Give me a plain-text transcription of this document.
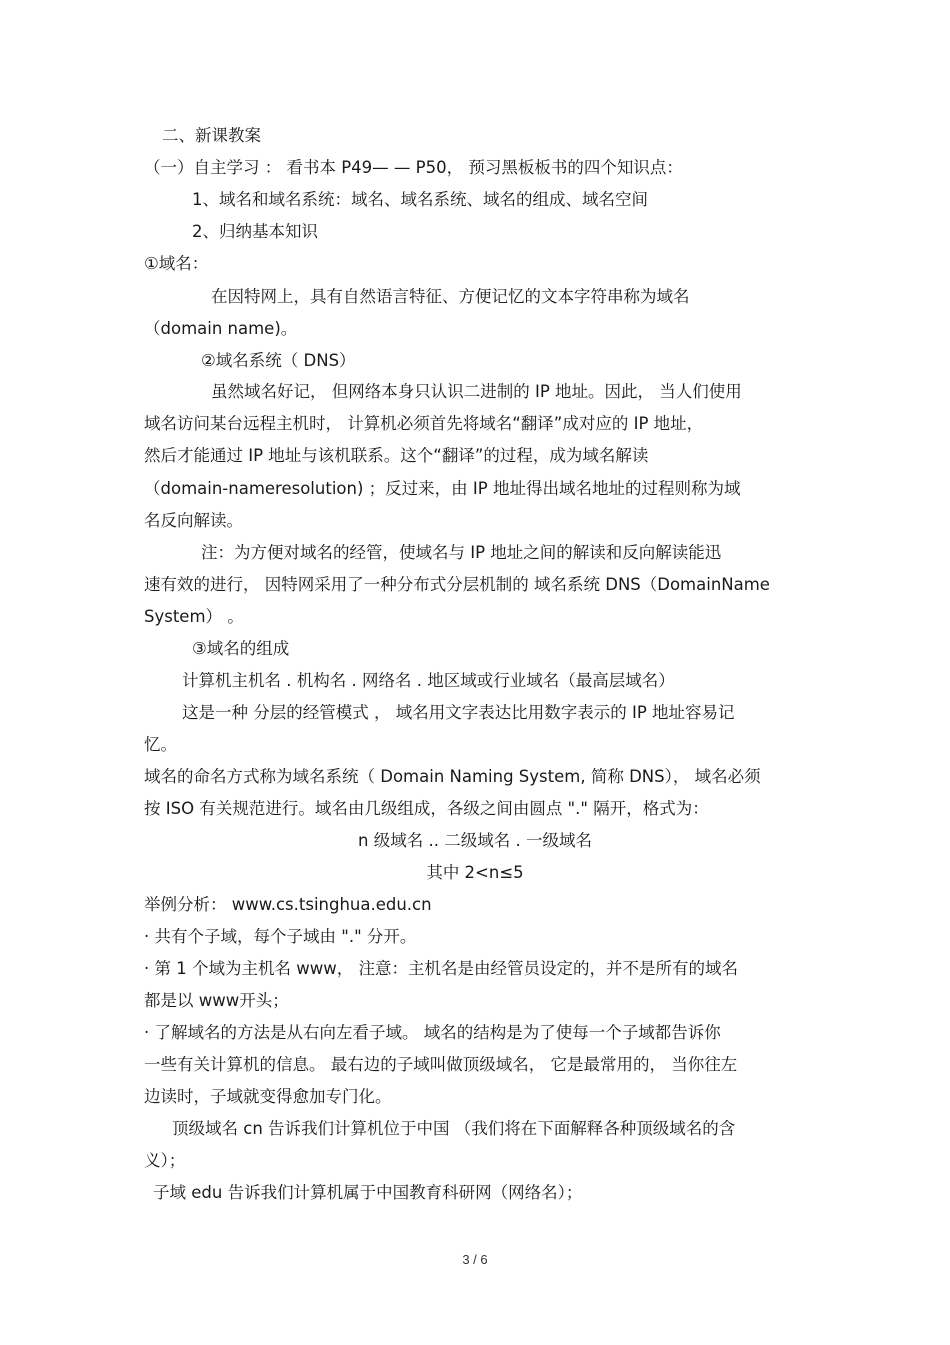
二、新课教案
（一）自主学习 ： 看书本 P49— — P50， 预习黑板板书的四个知识点：
1、域名和域名系统：域名、域名系统、域名的组成、域名空间
2、归纳基本知识
①域名：
在因特网上，具有自然语言特征、方便记忆的文本字符串称为域名
（domain name)。
②域名系统（ DNS）
虽然域名好记， 但网络本身只认识二进制的 IP 地址。因此， 当人们使用
域名访问某台远程主机时， 计算机必须首先将域名“翻译”成对应的 IP 地址，
然后才能通过 IP 地址与该机联系。这个“翻译”的过程，成为域名解读
（domain-nameresolution) ；反过来，由 IP 地址得出域名地址的过程则称为域
名反向解读。
注：为方便对域名的经管，使域名与 IP 地址之间的解读和反向解读能迅
速有效的进行， 因特网采用了一种分布式分层机制的 域名系统 DNS（DomainName
System） 。
③域名的组成
计算机主机名 . 机构名 . 网络名 . 地区域或行业域名（最高层域名）
这是一种 分层的经管模式 ， 域名用文字表达比用数字表示的 IP 地址容易记
忆。
域名的命名方式称为域名系统（ Domain Naming System, 简称 DNS）， 域名必须
按 ISO 有关规范进行。域名由几级组成，各级之间由圆点 "." 隔开，格式为：
n 级域名 .. 二级域名 . 一级域名
其中 2<n≤5
举例分析： www.cs.tsinghua.edu.cn
· 共有个子域，每个子域由 "." 分开。
· 第 1 个域为主机名 www， 注意：主机名是由经管员设定的，并不是所有的域名
都是以 www开头；
· 了解域名的方法是从右向左看子域。 域名的结构是为了使每一个子域都告诉你
一些有关计算机的信息。 最右边的子域叫做顶级域名， 它是最常用的， 当你往左
边读时，子域就变得愈加专门化。
顶级域名 cn 告诉我们计算机位于中国 （我们将在下面解释各种顶级域名的含
义）；
子域 edu 告诉我们计算机属于中国教育科研网（网络名）；
3 / 6
